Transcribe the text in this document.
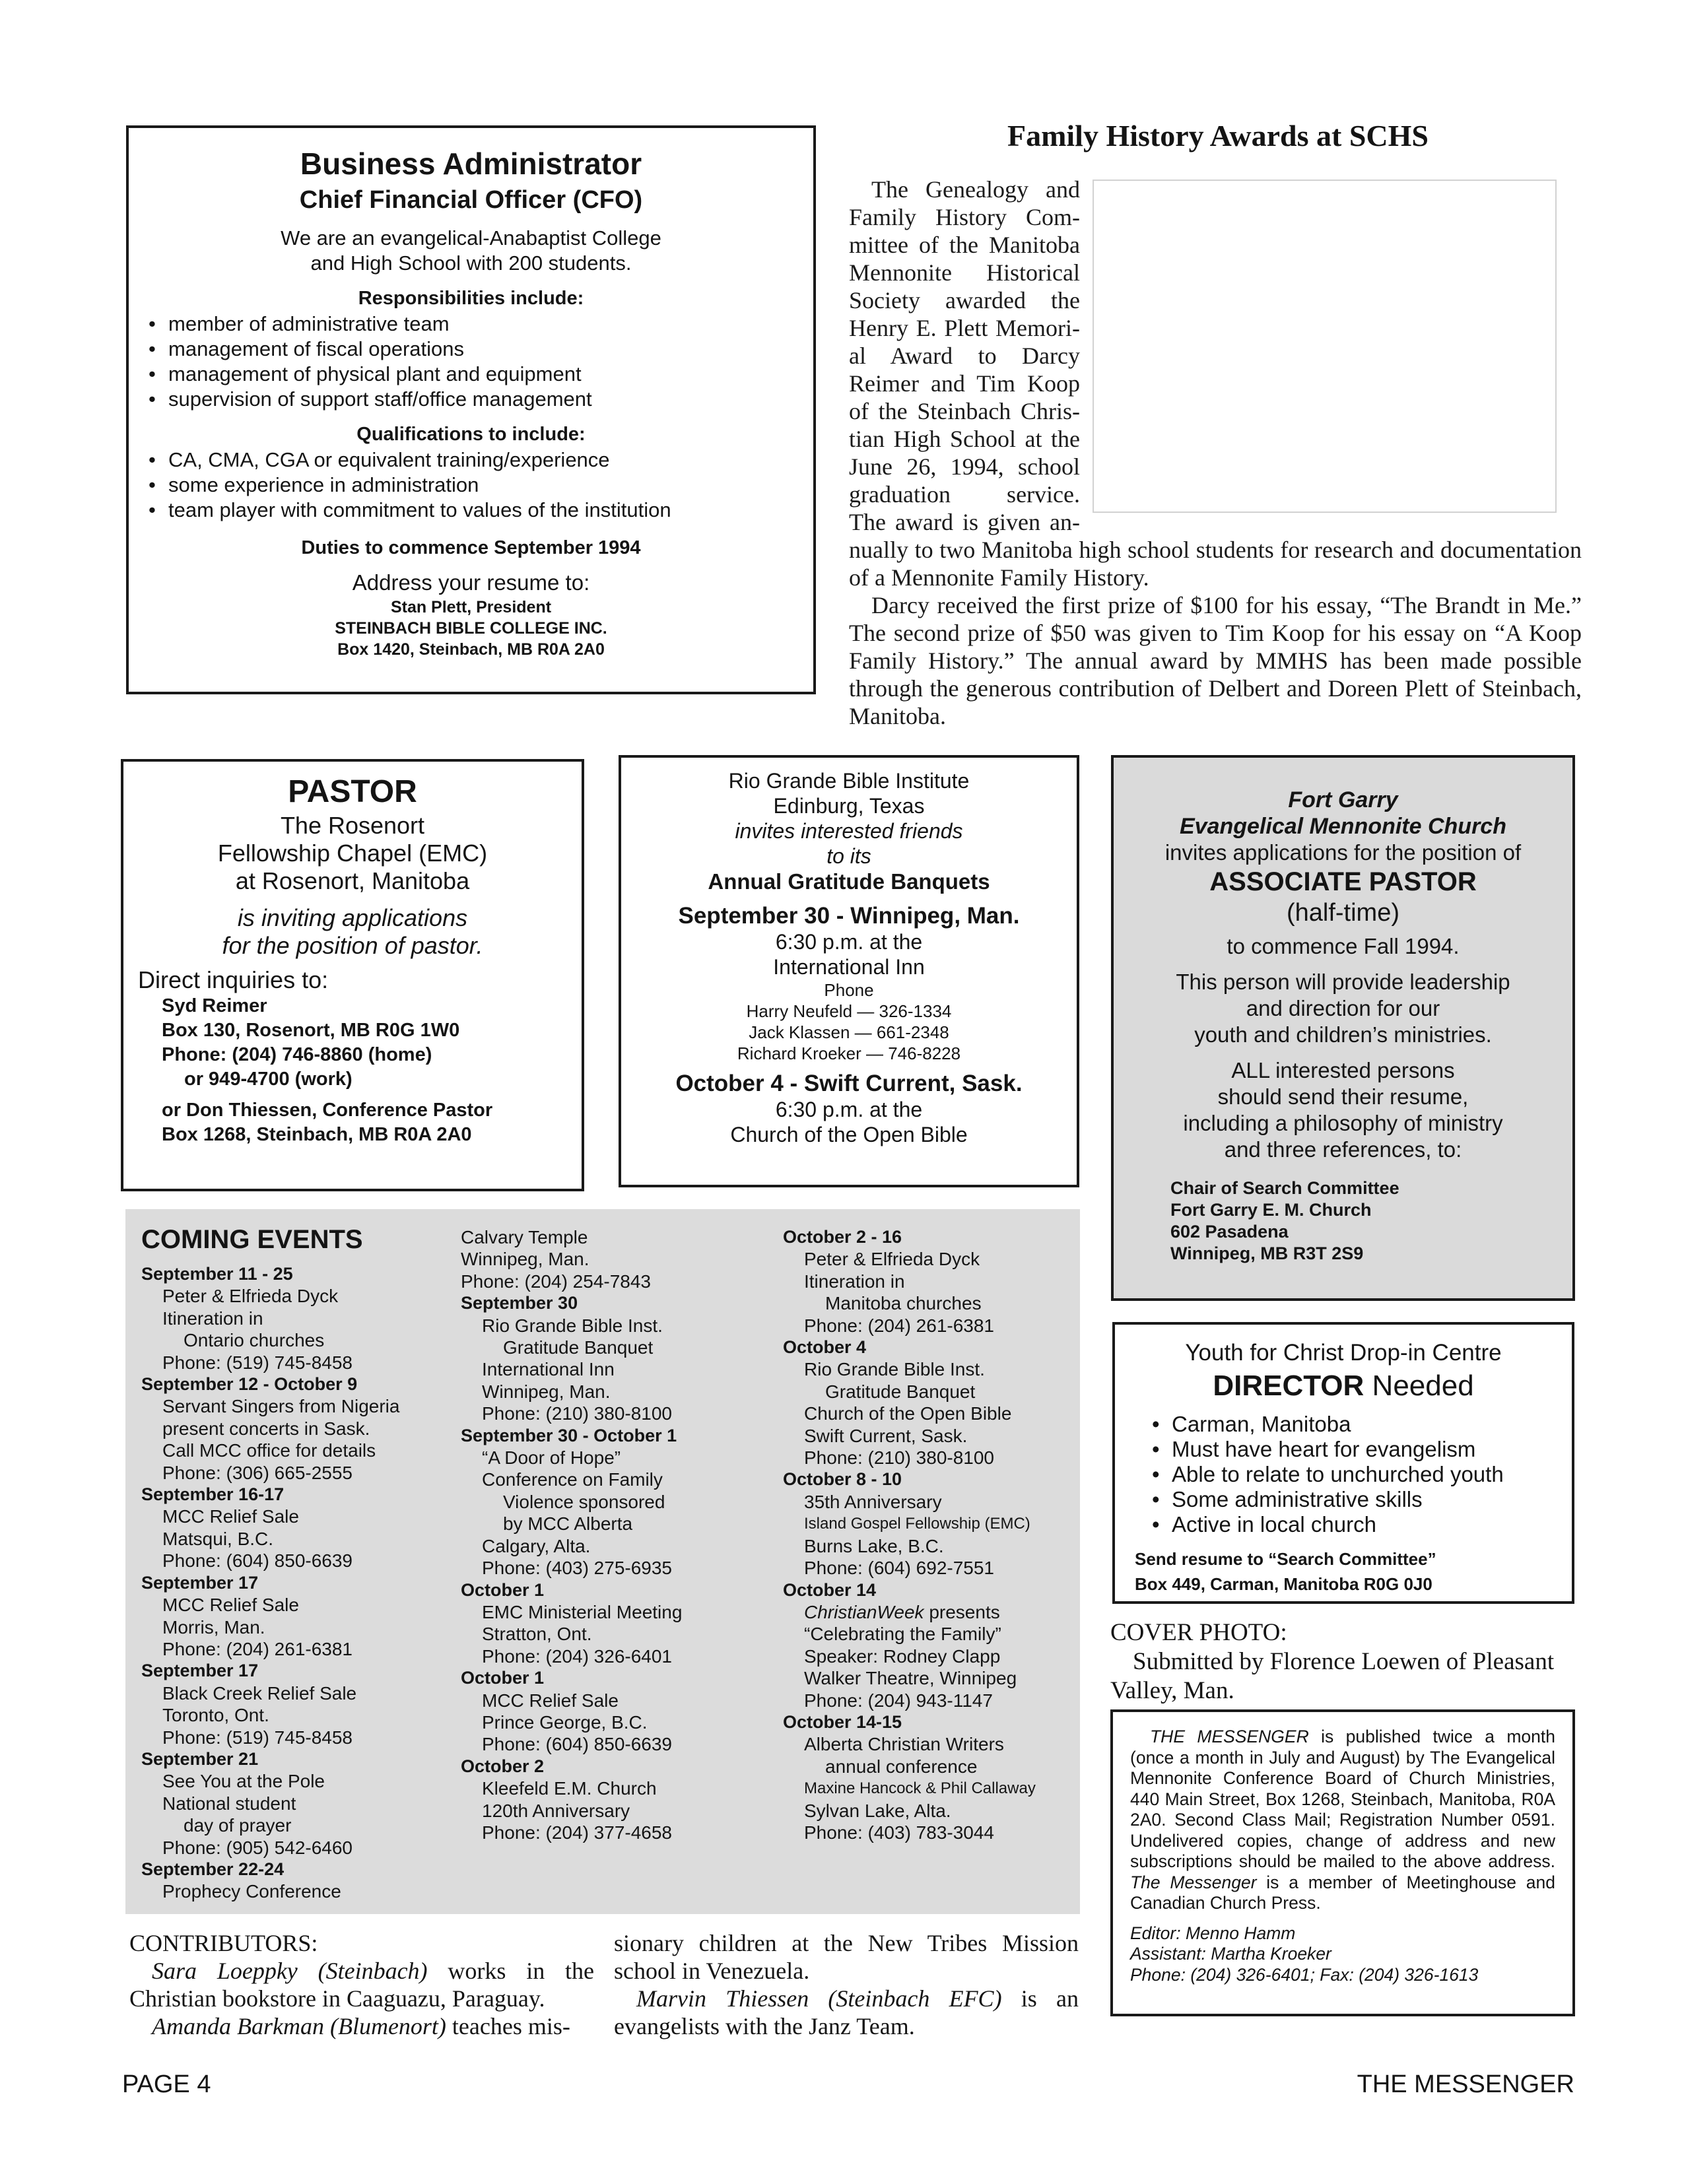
Business Administrator

Chief Financial Officer (CFO)

We are an evangelical-Anabaptist College

and High School with 200 students.

Responsibilities include:

• member of administrative team
• management of fiscal operations
• management of physical plant and equipment
• supervision of support staff/office management

Qualifications to include:

• CA, CMA, CGA or equivalent training/experience
• some experience in administration
• team player with commitment to values of the institution

Duties to commence September 1994

Address your resume to:

Stan Plett, President

STEINBACH BIBLE COLLEGE INC.

Box 1420, Steinbach, MB R0A 2A0

Family History Awards at SCHS

The Genealogy and

Family History Com-

mittee of the Manitoba

Mennonite Historical

Society awarded the

Henry E. Plett Memori-

al Award to Darcy

Reimer and Tim Koop

of the Steinbach Chris-

tian High School at the

June 26, 1994, school

graduation service.

The award is given an-

nually to two Manitoba high school students for research and documentation of a Mennonite Family History.

Darcy received the first prize of $100 for his essay, “The Brandt in Me.” The second prize of $50 was given to Tim Koop for his essay on “A Koop Family History.” The annual award by MMHS has been made possible through the generous contribution of Delbert and Doreen Plett of Steinbach, Manitoba.

PASTOR

The Rosenort

Fellowship Chapel (EMC)

at Rosenort, Manitoba

is inviting applications

for the position of pastor.

Direct inquiries to:

Syd Reimer

Box 130, Rosenort, MB R0G 1W0

Phone: (204) 746-8860 (home)

or 949-4700 (work)

or Don Thiessen, Conference Pastor

Box 1268, Steinbach, MB R0A 2A0

Rio Grande Bible Institute

Edinburg, Texas

invites interested friends

to its

Annual Gratitude Banquets

September 30 - Winnipeg, Man.

6:30 p.m. at the

International Inn

Phone

Harry Neufeld — 326-1334

Jack Klassen — 661-2348

Richard Kroeker — 746-8228

October 4 - Swift Current, Sask.

6:30 p.m. at the

Church of the Open Bible

Fort Garry

Evangelical Mennonite Church

invites applications for the position of

ASSOCIATE PASTOR

(half-time)

to commence Fall 1994.

This person will provide leadership

and direction for our

youth and children’s ministries.

ALL interested persons

should send their resume,

including a philosophy of ministry

and three references, to:

Chair of Search Committee

Fort Garry E. M. Church

602 Pasadena

Winnipeg, MB R3T 2S9

COMING EVENTS
September 11 - 25
Peter & Elfrieda Dyck
Itineration in
Ontario churches
Phone: (519) 745-8458
September 12 - October 9
Servant Singers from Nigeria
present concerts in Sask.
Call MCC office for details
Phone: (306) 665-2555
September 16-17
MCC Relief Sale
Matsqui, B.C.
Phone: (604) 850-6639
September 17
MCC Relief Sale
Morris, Man.
Phone: (204) 261-6381
September 17
Black Creek Relief Sale
Toronto, Ont.
Phone: (519) 745-8458
September 21
See You at the Pole
National student
day of prayer
Phone: (905) 542-6460
September 22-24
Prophecy Conference
Calvary Temple
Winnipeg, Man.
Phone: (204) 254-7843
September 30
Rio Grande Bible Inst.
Gratitude Banquet
International Inn
Winnipeg, Man.
Phone: (210) 380-8100
September 30 - October 1
“A Door of Hope”
Conference on Family
Violence sponsored
by MCC Alberta
Calgary, Alta.
Phone: (403) 275-6935
October 1
EMC Ministerial Meeting
Stratton, Ont.
Phone: (204) 326-6401
October 1
MCC Relief Sale
Prince George, B.C.
Phone: (604) 850-6639
October 2
Kleefeld E.M. Church
120th Anniversary
Phone: (204) 377-4658
October 2 - 16
Peter & Elfrieda Dyck
Itineration in
Manitoba churches
Phone: (204) 261-6381
October 4
Rio Grande Bible Inst.
Gratitude Banquet
Church of the Open Bible
Swift Current, Sask.
Phone: (210) 380-8100
October 8 - 10
35th Anniversary
Island Gospel Fellowship (EMC)
Burns Lake, B.C.
Phone: (604) 692-7551
October 14
ChristianWeek presents
“Celebrating the Family”
Speaker: Rodney Clapp
Walker Theatre, Winnipeg
Phone: (204) 943-1147
October 14-15
Alberta Christian Writers
annual conference
Maxine Hancock & Phil Callaway
Sylvan Lake, Alta.
Phone: (403) 783-3044

Youth for Christ Drop-in Centre

DIRECTOR Needed

• Carman, Manitoba
• Must have heart for evangelism
• Able to relate to unchurched youth
• Some administrative skills
• Active in local church

Send resume to “Search Committee”

Box 449, Carman, Manitoba R0G 0J0

COVER PHOTO:

Submitted by Florence Loewen of Pleasant Valley, Man.

THE MESSENGER is published twice a month (once a month in July and August) by The Evangelical Mennonite Conference Board of Church Ministries, 440 Main Street, Box 1268, Steinbach, Manitoba, R0A 2A0. Second Class Mail; Registration Number 0591. Undelivered copies, change of address and new subscriptions should be mailed to the above address. The Messenger is a member of Meetinghouse and Canadian Church Press.

Editor: Menno Hamm

Assistant: Martha Kroeker

Phone: (204) 326-6401; Fax: (204) 326-1613

CONTRIBUTORS:

Sara Loeppky (Steinbach) works in the Christian bookstore in Caaguazu, Paraguay.

Amanda Barkman (Blumenort) teaches mis-

sionary children at the New Tribes Mission school in Venezuela.

Marvin Thiessen (Steinbach EFC) is an evangelists with the Janz Team.

PAGE 4	THE MESSENGER
